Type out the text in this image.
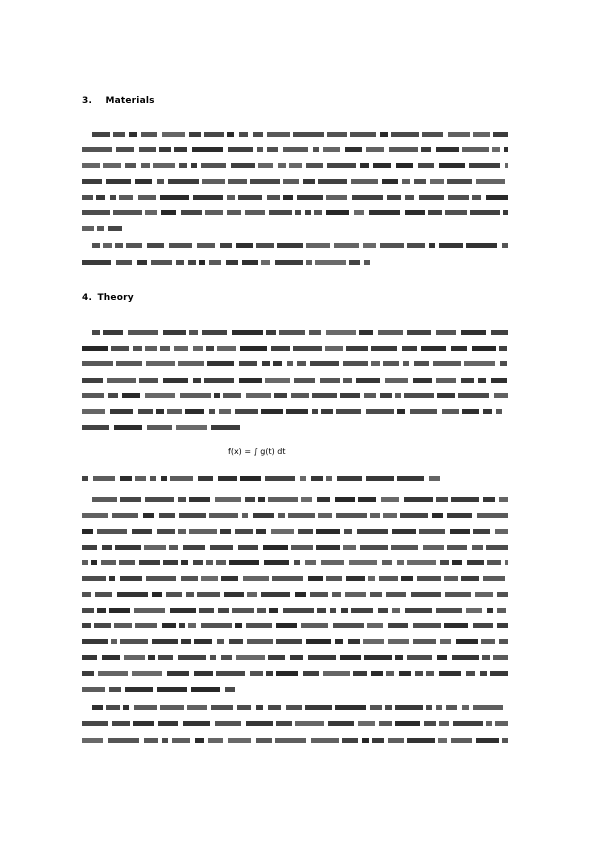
3. Materials
4. Theory
f(x) = ∫ g(t) dt
